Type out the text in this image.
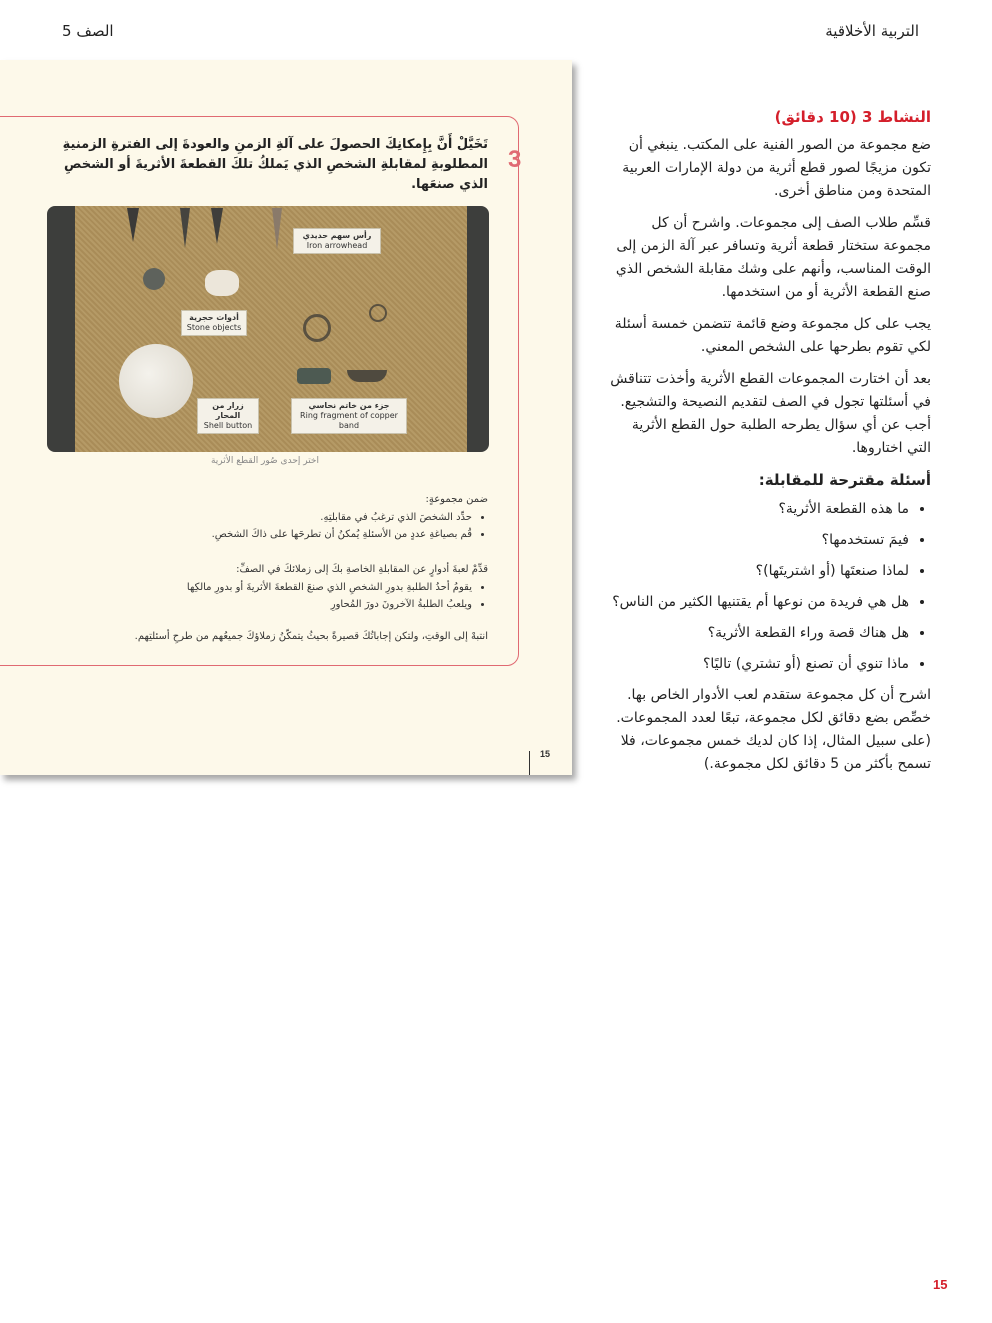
التربية الأخلاقية
الصف 5
3
تَخَيَّلْ أَنَّ بِإِمكانِكَ الحصولَ على آلةِ الزمنِ والعودةَ إلى الفترةِ الزمنيةِ المطلوبةِ لمقابلةِ الشخصِ الذي يَملكُ تلكَ القطعةَ الأثريةَ أو الشخصِ الذي صنعَها.
رأس سهم حديدي
Iron arrowhead
أدوات حجرية
Stone objects
زرار من المحار
Shell button
جزء من خاتم نحاسي
Ring fragment of copper band
اختر إحدى صُور القطع الأثرية
ضمن مجموعةٍ:
• حدِّد الشخصَ الذي ترغبُ في مقابلتِهِ.
• قُم بصياغةِ عددٍ من الأسئلةِ يُمكنُ أن تطرحَها على ذاكَ الشخصِ.
قدِّمْ لعبةَ أدوارٍ عن المقابلةِ الخاصةِ بكَ إلى زملائكَ في الصفِّ:
• يقومُ أحدُ الطلبةِ بدورِ الشخصِ الذي صنعَ القطعةَ الأثريةَ أو بدورِ مالكِها
• ويلعبُ الطلبةُ الآخرونَ دورَ المُحاورِ
انتبهْ إلى الوقتِ، ولتكن إجاباتُكَ قصيرةً بحيثُ يتمكّنُ زملاؤكَ جميعُهم من طرحِ أسئلتِهم.
15
النشاط 3 (10 دقائق)

ضع مجموعة من الصور الفنية على المكتب. ينبغي أن تكون مزيجًا لصور قطع أثرية من دولة الإمارات العربية المتحدة ومن مناطق أخرى.

قسِّم طلاب الصف إلى مجموعات. واشرح أن كل مجموعة ستختار قطعة أثرية وتسافر عبر آلة الزمن إلى الوقت المناسب، وأنهم على وشك مقابلة الشخص الذي صنع القطعة الأثرية أو من استخدمها.

يجب على كل مجموعة وضع قائمة تتضمن خمسة أسئلة لكي تقوم بطرحها على الشخص المعني.

بعد أن اختارت المجموعات القطع الأثرية وأخذت تتناقش في أسئلتها تجول في الصف لتقديم النصيحة والتشجيع. أجب عن أي سؤال يطرحه الطلبة حول القطع الأثرية التي اختاروها.

أسئلة مقترحة للمقابلة:
• ما هذه القطعة الأثرية؟
• فيمَ تستخدمها؟
• لماذا صنعتَها (أو اشتريتَها)؟
• هل هي فريدة من نوعها أم يقتنيها الكثير من الناس؟
• هل هناك قصة وراء القطعة الأثرية؟
• ماذا تنوي أن تصنع (أو تشتري) تاليًا؟

اشرح أن كل مجموعة ستقدم لعب الأدوار الخاص بها. خصِّص بضع دقائق لكل مجموعة، تبعًا لعدد المجموعات. (على سبيل المثال، إذا كان لديك خمس مجموعات، فلا تسمح بأكثر من 5 دقائق لكل مجموعة.)

15
